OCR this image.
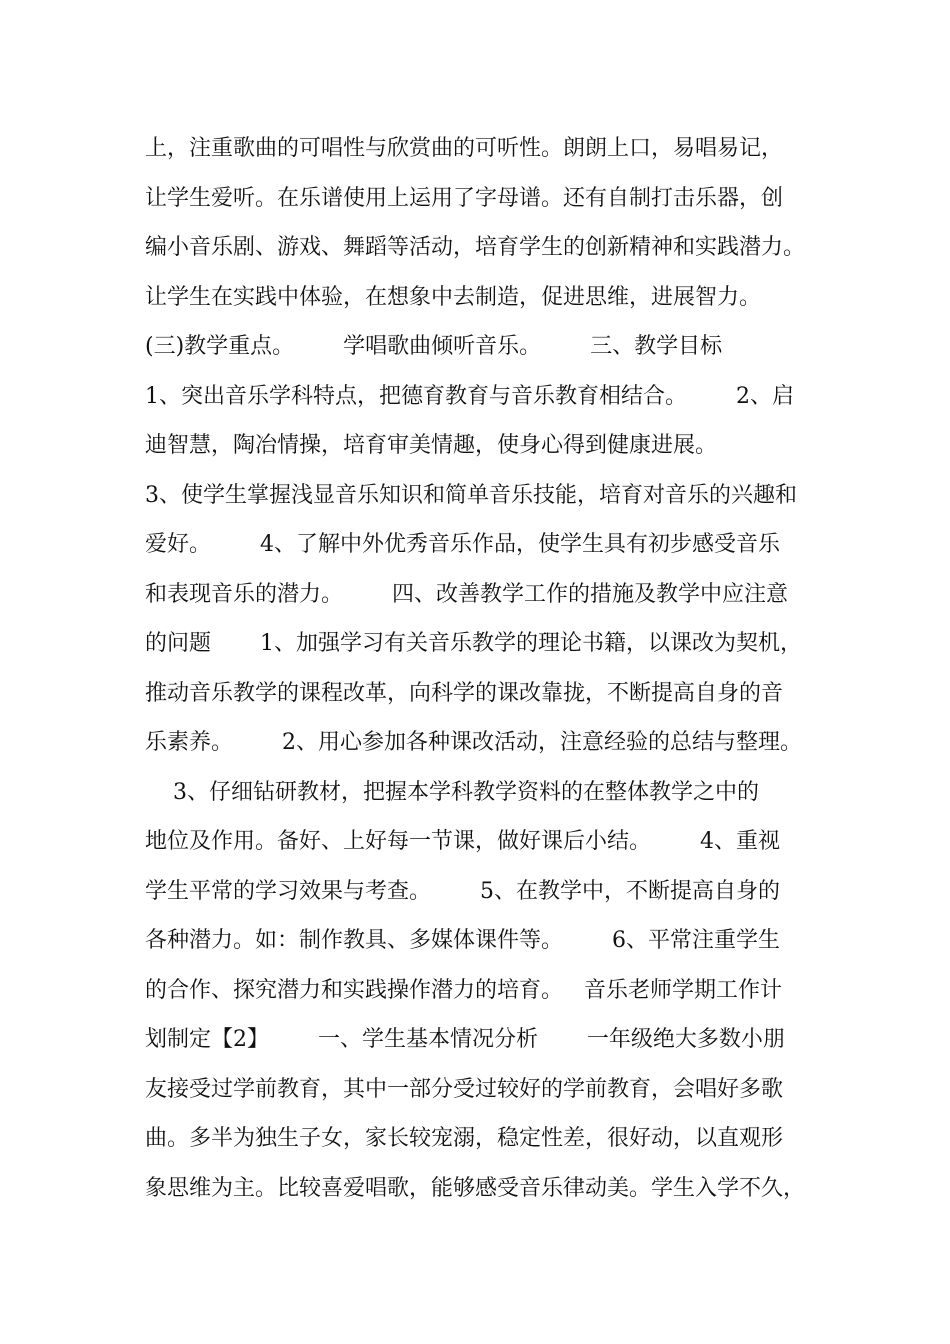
上，注重歌曲的可唱性与欣赏曲的可听性。朗朗上口，易唱易记，
让学生爱听。在乐谱使用上运用了字母谱。还有自制打击乐器，创
编小音乐剧、游戏、舞蹈等活动，培育学生的创新精神和实践潜力。
让学生在实践中体验，在想象中去制造，促进思维，进展智力。
(三)教学重点。       学唱歌曲倾听音乐。       三、教学目标
1、突出音乐学科特点，把德育教育与音乐教育相结合。       2、启
迪智慧，陶冶情操，培育审美情趣，使身心得到健康进展。
3、使学生掌握浅显音乐知识和简单音乐技能，培育对音乐的兴趣和
爱好。       4、了解中外优秀音乐作品，使学生具有初步感受音乐
和表现音乐的潜力。       四、改善教学工作的措施及教学中应注意
的问题       1、加强学习有关音乐教学的理论书籍，以课改为契机，
推动音乐教学的课程改革，向科学的课改靠拢，不断提高自身的音
乐素养。       2、用心参加各种课改活动，注意经验的总结与整理。
3、仔细钻研教材，把握本学科教学资料的在整体教学之中的
地位及作用。备好、上好每一节课，做好课后小结。       4、重视
学生平常的学习效果与考查。       5、在教学中，不断提高自身的
各种潜力。如：制作教具、多媒体课件等。       6、平常注重学生
的合作、探究潜力和实践操作潜力的培育。   音乐老师学期工作计
划制定【2】       一、学生基本情况分析       一年级绝大多数小朋
友接受过学前教育，其中一部分受过较好的学前教育，会唱好多歌
曲。多半为独生子女，家长较宠溺，稳定性差，很好动，以直观形
象思维为主。比较喜爱唱歌，能够感受音乐律动美。学生入学不久，
